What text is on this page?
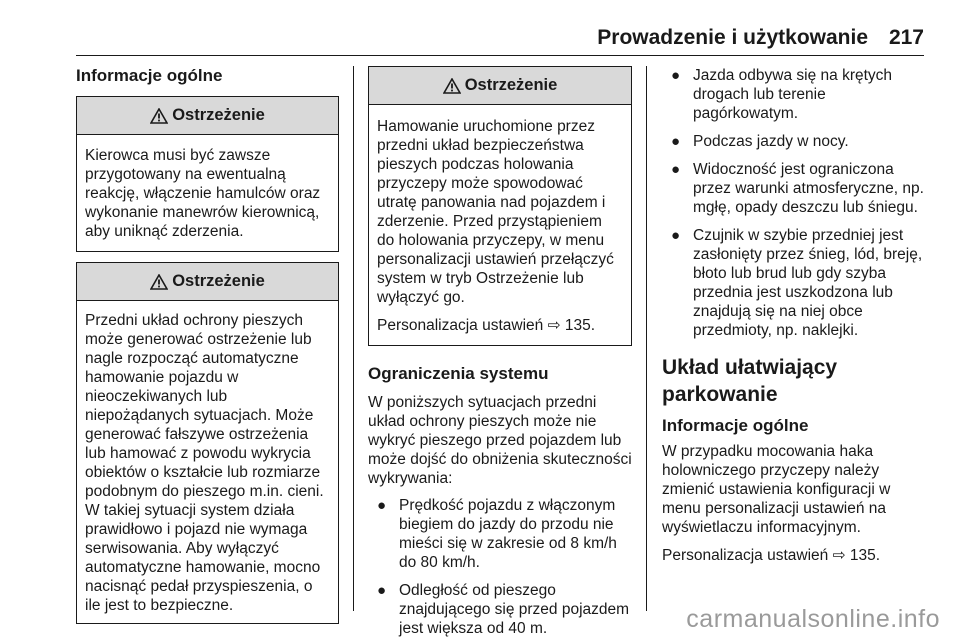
Prowadzenie i użytkowanie 217
Informacje ogólne
Ostrzeżenie

Kierowca musi być zawsze przygotowany na ewentualną reakcję, włączenie hamulców oraz wykonanie manewrów kierownicą, aby uniknąć zderzenia.

Ostrzeżenie

Przedni układ ochrony pieszych może generować ostrzeżenie lub nagle rozpocząć automatyczne hamowanie pojazdu w nieoczekiwanych lub niepożądanych sytuacjach. Może generować fałszywe ostrzeżenia lub hamować z powodu wykrycia obiektów o kształcie lub rozmiarze podobnym do pieszego m.in. cieni. W takiej sytuacji system działa prawidłowo i pojazd nie wymaga serwisowania. Aby wyłączyć automatyczne hamowanie, mocno nacisnąć pedał przyspieszenia, o ile jest to bezpieczne.

Ostrzeżenie

Hamowanie uruchomione przez przedni układ bezpieczeństwa pieszych podczas holowania przyczepy może spowodować utratę panowania nad pojazdem i zderzenie. Przed przystąpieniem do holowania przyczepy, w menu personalizacji ustawień przełączyć system w tryb Ostrzeżenie lub wyłączyć go.

Personalizacja ustawień ⇨ 135.

Ograniczenia systemu

W poniższych sytuacjach przedni układ ochrony pieszych może nie wykryć pieszego przed pojazdem lub może dojść do obniżenia skuteczności wykrywania:

● Prędkość pojazdu z włączonym biegiem do jazdy do przodu nie mieści się w zakresie od 8 km/h do 80 km/h.
● Odległość od pieszego znajdującego się przed pojazdem jest większa od 40 m.
● Jazda odbywa się na krętych drogach lub terenie pagórkowatym.
● Podczas jazdy w nocy.
● Widoczność jest ograniczona przez warunki atmosferyczne, np. mgłę, opady deszczu lub śniegu.
● Czujnik w szybie przedniej jest zasłonięty przez śnieg, lód, breję, błoto lub brud lub gdy szyba przednia jest uszkodzona lub znajdują się na niej obce przedmioty, np. naklejki.
Układ ułatwiający parkowanie
Informacje ogólne

W przypadku mocowania haka holowniczego przyczepy należy zmienić ustawienia konfiguracji w menu personalizacji ustawień na wyświetlaczu informacyjnym.

Personalizacja ustawień ⇨ 135.

carmanualsonline.info
